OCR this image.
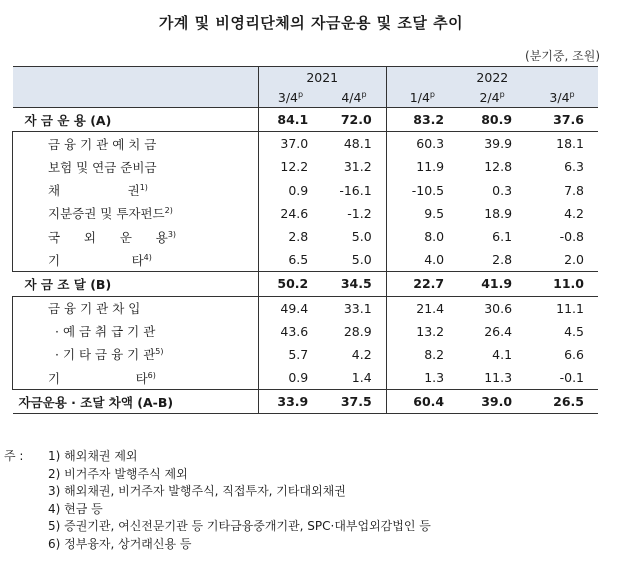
가계 및 비영리단체의 자금운용 및 조달 추이
(분기중, 조원)
	2021		2022		
	3/4$^p$	4/4$^p$	1/4$^p$	2/4$^p$	3/4$^p$
자 금 운 용 (A)	84.1	72.0	83.2	80.9	37.6
금 융 기 관 예 치 금	37.0	48.1	60.3	39.9	18.1
보험 및 연금 준비금	12.2	31.2	11.9	12.8	6.3
채                 권$^{1)}$	0.9	-16.1	-10.5	0.3	7.8
지분증권 및 투자펀드$^{2)}$	24.6	-1.2	9.5	18.9	4.2
국      외      운      용$^{3)}$	2.8	5.0	8.0	6.1	-0.8
기                  타$^{4)}$	6.5	5.0	4.0	2.8	2.0
자 금 조 달 (B)	50.2	34.5	22.7	41.9	11.0
금 융 기 관 차 입	49.4	33.1	21.4	30.6	11.1
· 예 금 취 급 기 관	43.6	28.9	13.2	26.4	4.5
· 기 타 금 융 기 관$^{5)}$	5.7	4.2	8.2	4.1	6.6
기                   타$^{6)}$	0.9	1.4	1.3	11.3	-0.1
자금운용 · 조달 차액 (A-B)	33.9	37.5	60.4	39.0	26.5
주 :	1) 해외채권 제외
2) 비거주자 발행주식 제외
3) 해외채권, 비거주자 발행주식, 직접투자, 기타대외채권
4) 현금 등
5) 증권기관, 여신전문기관 등 기타금융중개기관, SPC·대부업외감법인 등
6) 정부융자, 상거래신용 등
